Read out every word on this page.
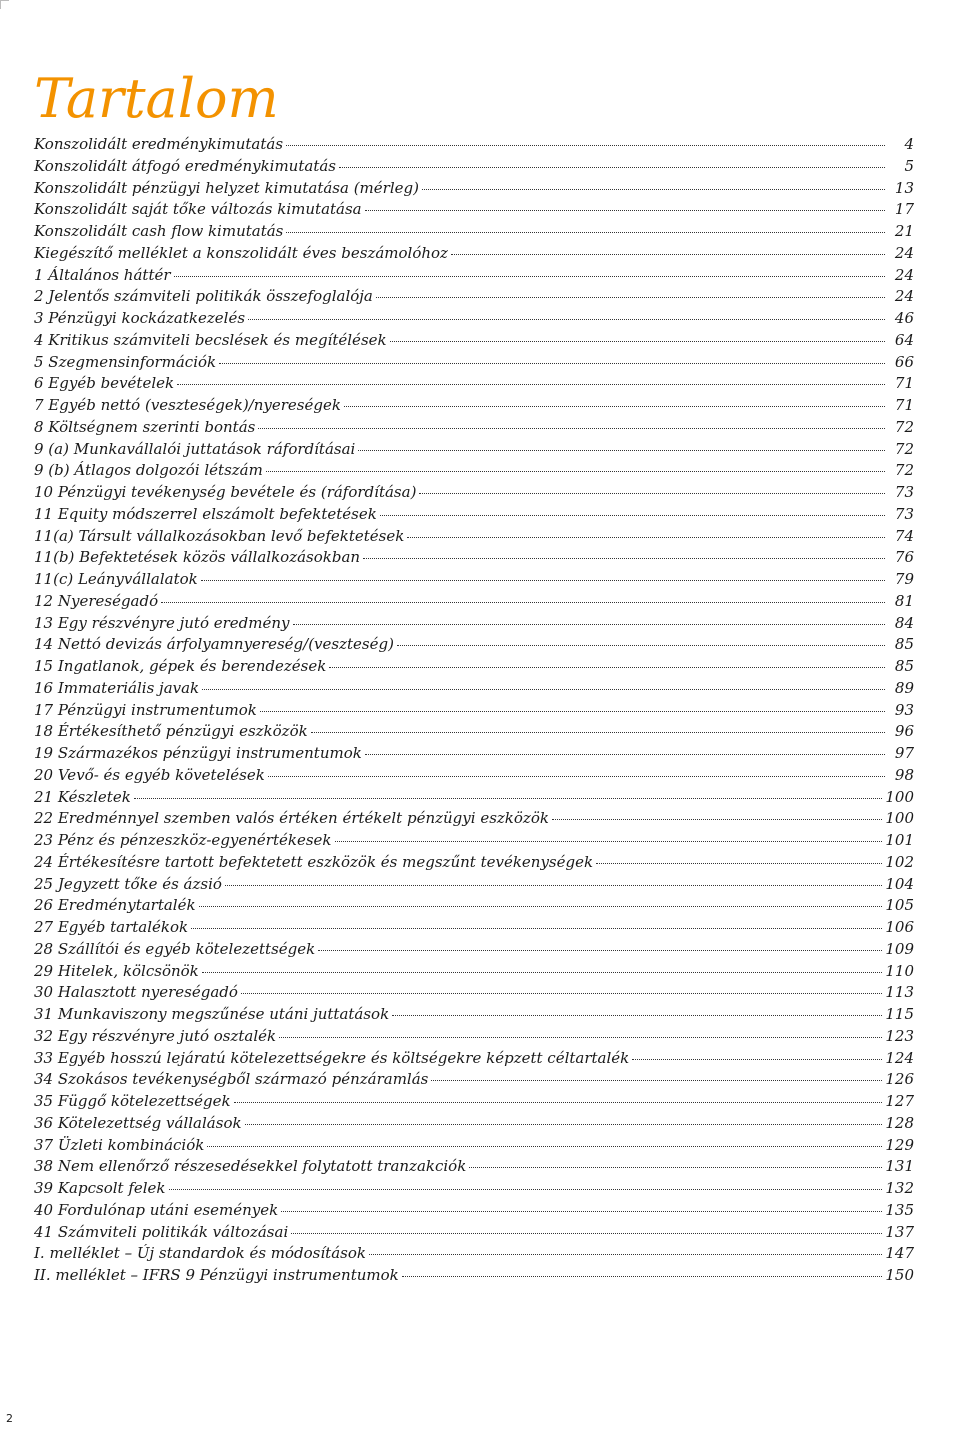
Tartalom
Konszolidált eredménykimutatás	4
Konszolidált átfogó eredménykimutatás	5
Konszolidált pénzügyi helyzet kimutatása (mérleg)	13
Konszolidált saját tőke változás kimutatása	17
Konszolidált cash flow kimutatás	21
Kiegészítő melléklet a konszolidált éves beszámolóhoz	24
1 Általános háttér	24
2 Jelentős számviteli politikák összefoglalója	24
3 Pénzügyi kockázatkezelés	46
4 Kritikus számviteli becslések és megítélések	64
5 Szegmensinformációk	66
6 Egyéb bevételek	71
7 Egyéb nettó (veszteségek)/nyereségek	71
8 Költségnem szerinti bontás	72
9 (a) Munkavállalói juttatások ráfordításai	72
9 (b) Átlagos dolgozói létszám	72
10 Pénzügyi tevékenység bevétele és (ráfordítása)	73
11 Equity módszerrel elszámolt befektetések	73
11(a) Társult vállalkozásokban levő befektetések	74
11(b) Befektetések közös vállalkozásokban	76
11(c) Leányvállalatok	79
12 Nyereségadó	81
13 Egy részvényre jutó eredmény	84
14 Nettó devizás árfolyamnyereség/(veszteség)	85
15 Ingatlanok, gépek és berendezések	85
16 Immateriális javak	89
17 Pénzügyi instrumentumok	93
18 Értékesíthető pénzügyi eszközök	96
19 Származékos pénzügyi instrumentumok	97
20 Vevő- és egyéb követelések	98
21 Készletek	100
22 Eredménnyel szemben valós értéken értékelt pénzügyi eszközök	100
23 Pénz és pénzeszköz-egyenértékesek	101
24 Értékesítésre tartott befektetett eszközök és megszűnt tevékenységek	102
25 Jegyzett tőke és ázsió	104
26 Eredménytartalék	105
27 Egyéb tartalékok	106
28 Szállítói és egyéb kötelezettségek	109
29 Hitelek, kölcsönök	110
30 Halasztott nyereségadó	113
31 Munkaviszony megszűnése utáni juttatások	115
32 Egy részvényre jutó osztalék	123
33 Egyéb hosszú lejáratú kötelezettségekre és költségekre képzett céltartalék	124
34 Szokásos tevékenységből származó pénzáramlás	126
35 Függő kötelezettségek	127
36 Kötelezettség vállalások	128
37 Üzleti kombinációk	129
38 Nem ellenőrző részesedésekkel folytatott tranzakciók	131
39 Kapcsolt felek	132
40 Fordulónap utáni események	135
41 Számviteli politikák változásai	137
I. melléklet – Új standardok és módosítások	147
II. melléklet – IFRS 9 Pénzügyi instrumentumok	150
2
